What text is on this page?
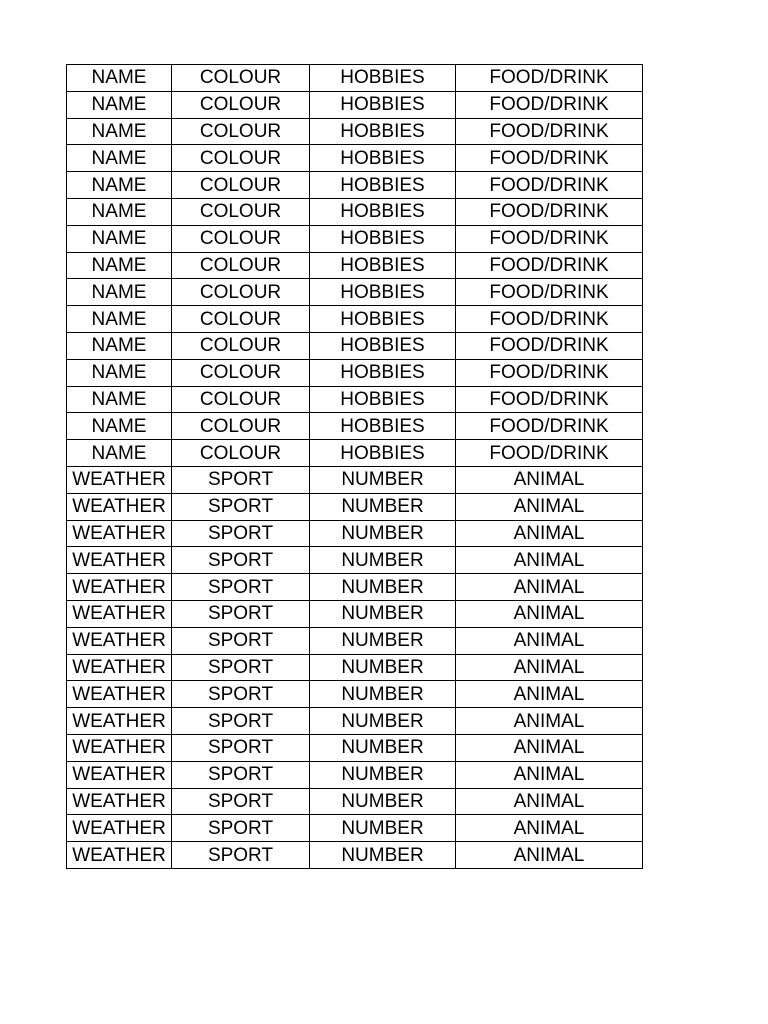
NAME	COLOUR	HOBBIES	FOOD/DRINK
NAME	COLOUR	HOBBIES	FOOD/DRINK
NAME	COLOUR	HOBBIES	FOOD/DRINK
NAME	COLOUR	HOBBIES	FOOD/DRINK
NAME	COLOUR	HOBBIES	FOOD/DRINK
NAME	COLOUR	HOBBIES	FOOD/DRINK
NAME	COLOUR	HOBBIES	FOOD/DRINK
NAME	COLOUR	HOBBIES	FOOD/DRINK
NAME	COLOUR	HOBBIES	FOOD/DRINK
NAME	COLOUR	HOBBIES	FOOD/DRINK
NAME	COLOUR	HOBBIES	FOOD/DRINK
NAME	COLOUR	HOBBIES	FOOD/DRINK
NAME	COLOUR	HOBBIES	FOOD/DRINK
NAME	COLOUR	HOBBIES	FOOD/DRINK
NAME	COLOUR	HOBBIES	FOOD/DRINK
WEATHER	SPORT	NUMBER	ANIMAL
WEATHER	SPORT	NUMBER	ANIMAL
WEATHER	SPORT	NUMBER	ANIMAL
WEATHER	SPORT	NUMBER	ANIMAL
WEATHER	SPORT	NUMBER	ANIMAL
WEATHER	SPORT	NUMBER	ANIMAL
WEATHER	SPORT	NUMBER	ANIMAL
WEATHER	SPORT	NUMBER	ANIMAL
WEATHER	SPORT	NUMBER	ANIMAL
WEATHER	SPORT	NUMBER	ANIMAL
WEATHER	SPORT	NUMBER	ANIMAL
WEATHER	SPORT	NUMBER	ANIMAL
WEATHER	SPORT	NUMBER	ANIMAL
WEATHER	SPORT	NUMBER	ANIMAL
WEATHER	SPORT	NUMBER	ANIMAL
